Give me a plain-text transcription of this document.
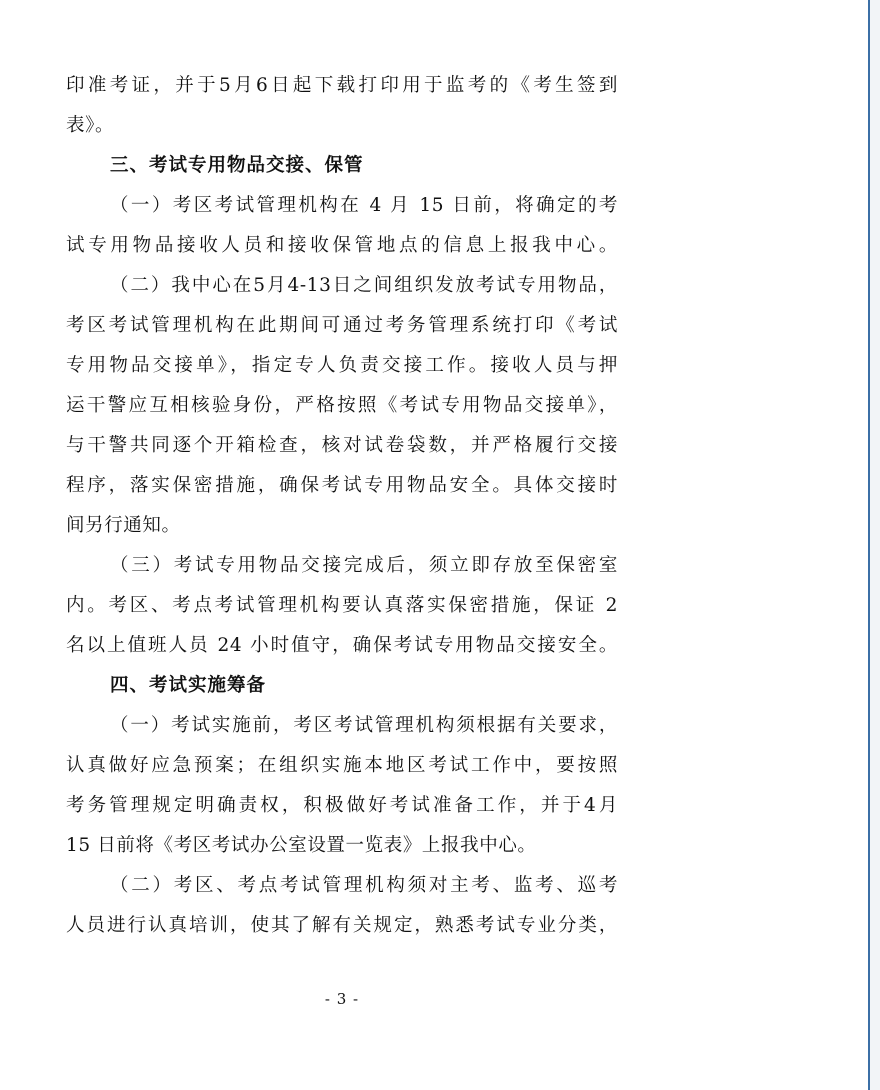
印准考证，并于5月6日起下载打印用于监考的《考生签到
表》。
三、考试专用物品交接、保管
（一）考区考试管理机构在 4 月 15 日前，将确定的考
试专用物品接收人员和接收保管地点的信息上报我中心。
（二）我中心在5月4-13日之间组织发放考试专用物品，
考区考试管理机构在此期间可通过考务管理系统打印《考试
专用物品交接单》，指定专人负责交接工作。接收人员与押
运干警应互相核验身份，严格按照《考试专用物品交接单》，
与干警共同逐个开箱检查，核对试卷袋数，并严格履行交接
程序，落实保密措施，确保考试专用物品安全。具体交接时
间另行通知。
（三）考试专用物品交接完成后，须立即存放至保密室
内。考区、考点考试管理机构要认真落实保密措施，保证 2
名以上值班人员 24 小时值守，确保考试专用物品交接安全。
四、考试实施筹备
（一）考试实施前，考区考试管理机构须根据有关要求，
认真做好应急预案；在组织实施本地区考试工作中，要按照
考务管理规定明确责权，积极做好考试准备工作，并于4月
15 日前将《考区考试办公室设置一览表》上报我中心。
（二）考区、考点考试管理机构须对主考、监考、巡考
人员进行认真培训，使其了解有关规定，熟悉考试专业分类，
- 3 -
